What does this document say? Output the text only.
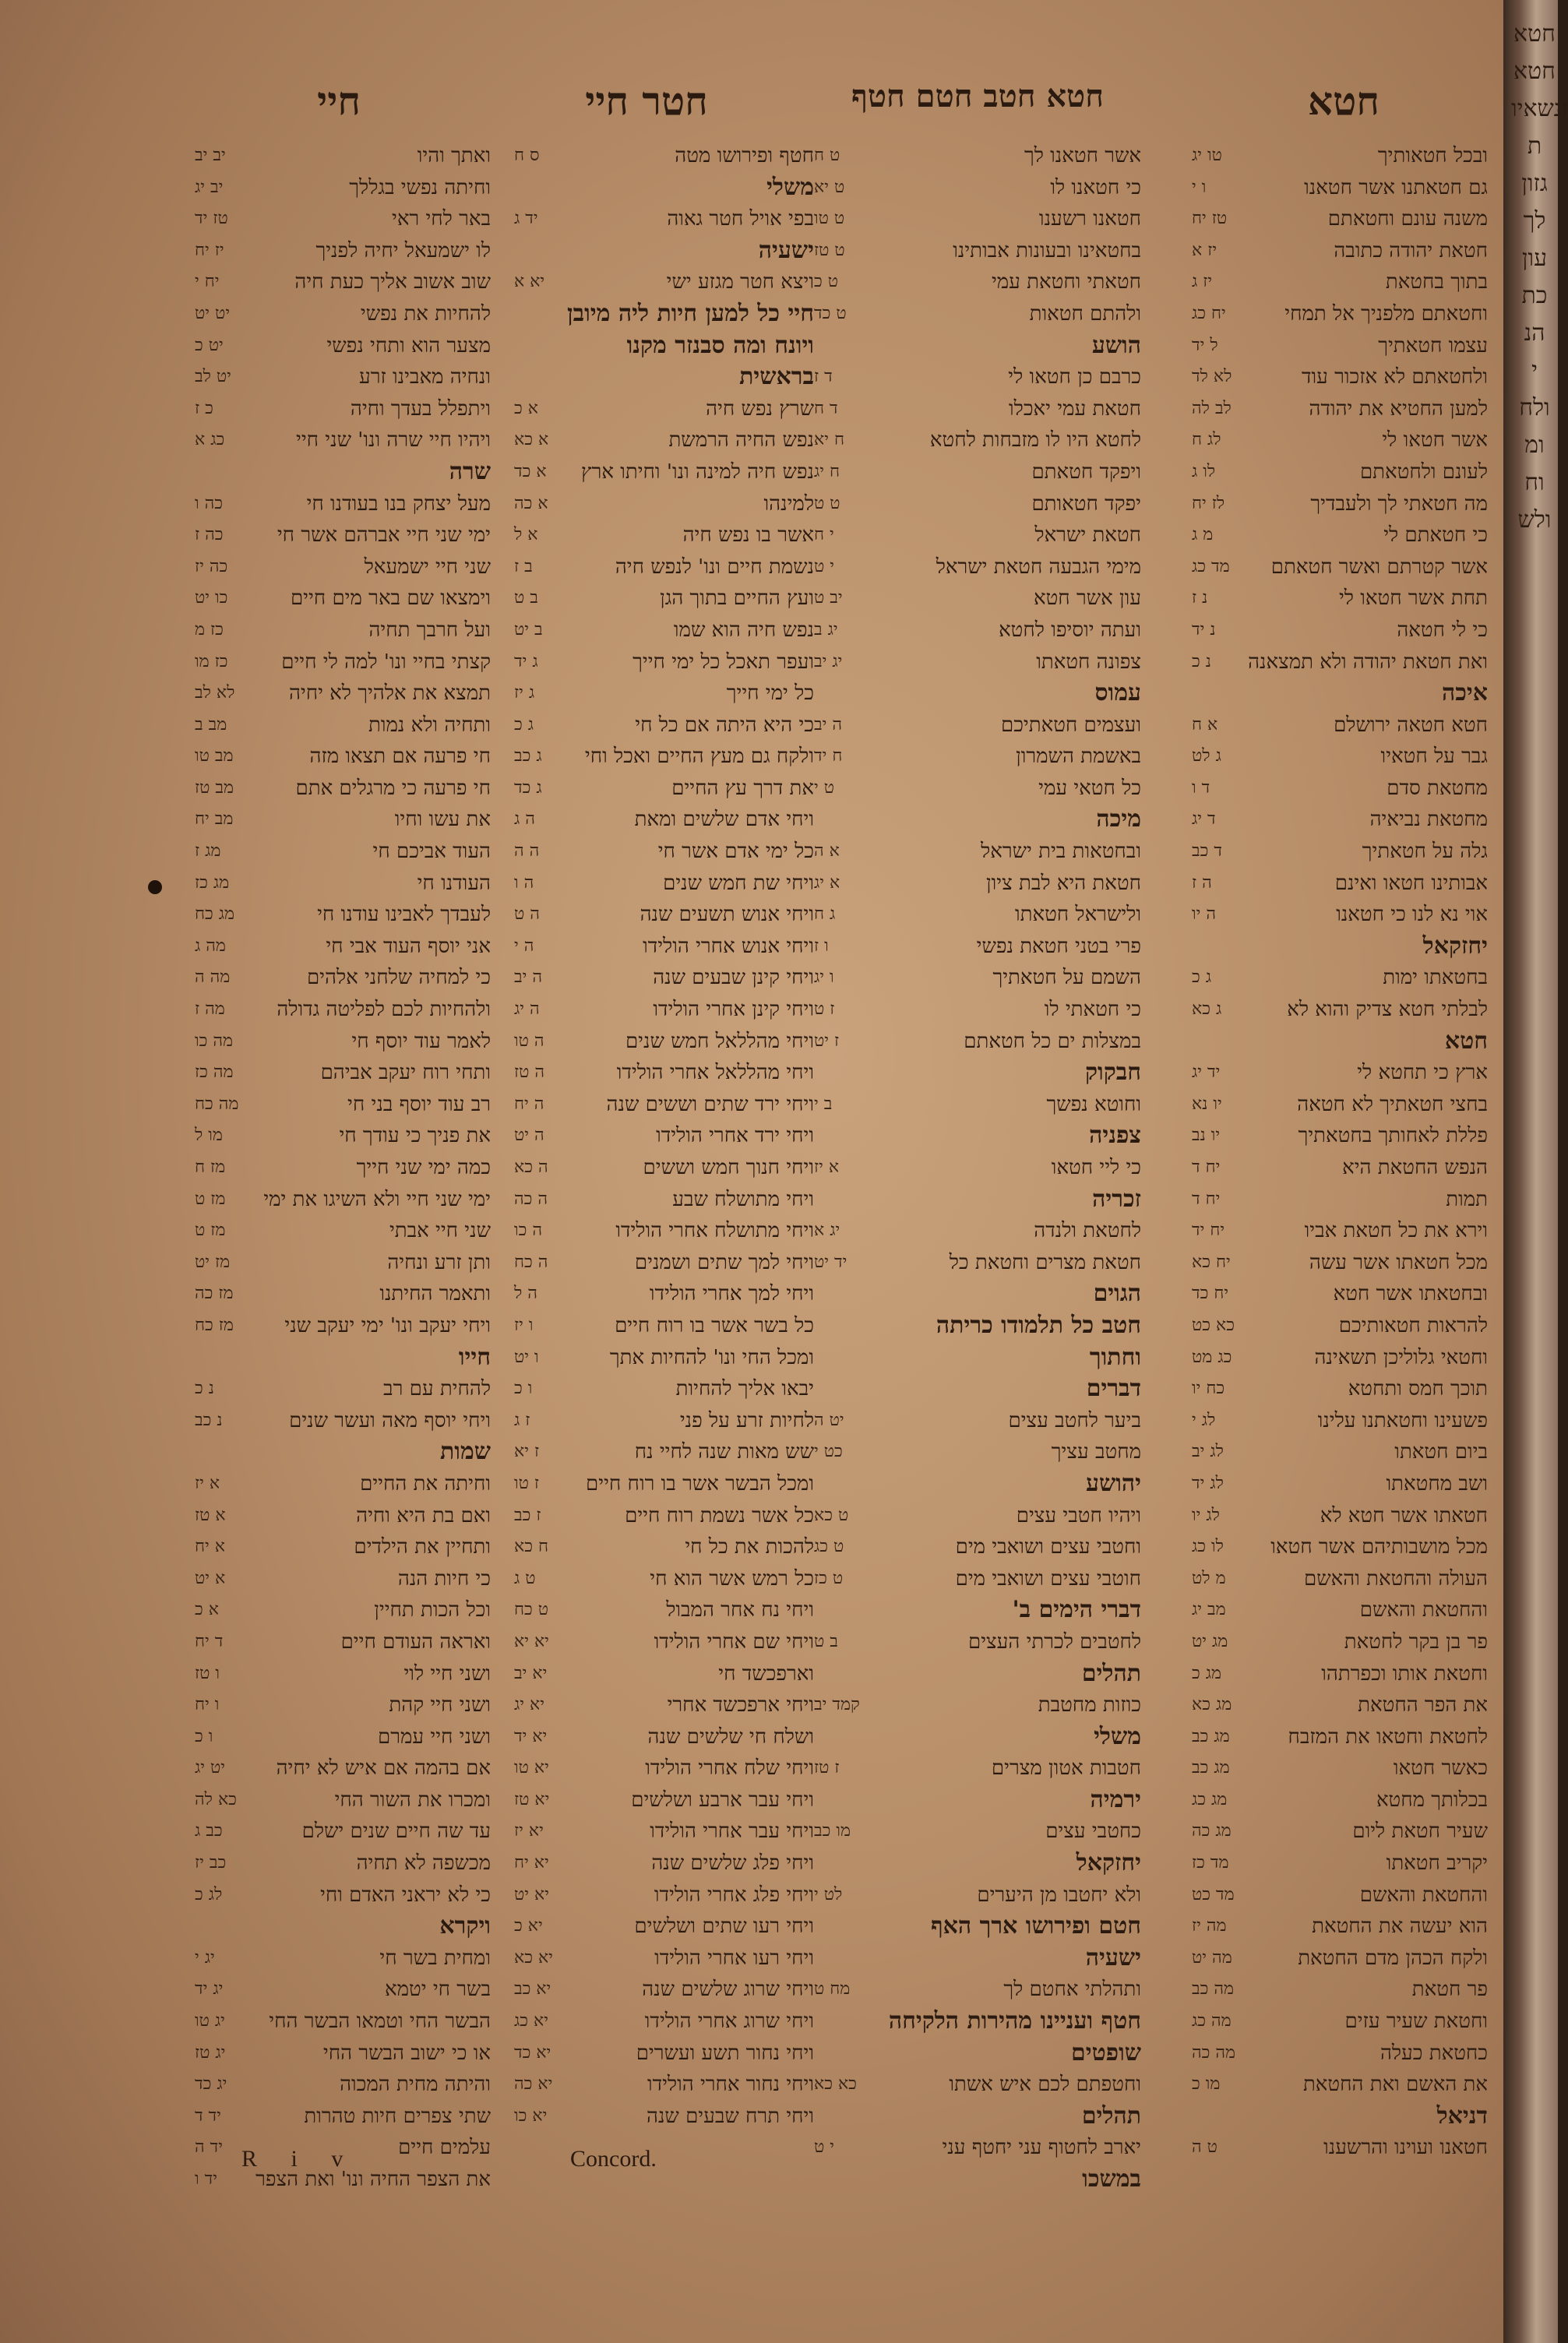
חטא
חטא חטב חטם חטף
חטר חיי
חיי
ובכל חטאותיך
טו יג
גם חטאתנו אשר חטאנו
ו י
משנה עונם וחטאתם
טז יח
חטאת יהודה כתובה
יז א
בתוך בחטאת
יז ג
וחטאתם מלפניך אל תמחי
יח כג
עצמו חטאתיך
ל יד
ולחטאתם לא אזכור עוד
לא לד
למען החטיא את יהודה
לב לה
אשר חטאו לי
לג ח
לעונם ולחטאתם
לו ג
מה חטאתי לך ולעבדיך
לז יח
כי חטאתם לי
מ ג
אשר קטרתם ואשר חטאתם
מד כג
תחת אשר חטאו לי
נ ז
כי לי חטאה
נ יד
ואת חטאת יהודה ולא תמצאנה
נ כ
איכה
חטא חטאה ירושלם
א ח
גבר על חטאיו
ג לט
מחטאת סדם
ד ו
מחטאת נביאיה
ד יג
גלה על חטאתיך
ד כב
אבותינו חטאו ואינם
ה ז
אוי נא לנו כי חטאנו
ה יו
יחזקאל
בחטאתו ימות
ג כ
לבלתי חטא צדיק והוא לא
ג כא
חטא
ארץ כי תחטא לי
יד יג
בחצי חטאתיך לא חטאה
יו נא
פללת לאחותך בחטאתיך
יו נב
הנפש החטאת היא
יח ד
תמות
יח ד
וירא את כל חטאת אביו
יח יד
מכל חטאתו אשר עשה
יח כא
ובחטאתו אשר חטא
יח כד
להראות חטאותיכם
כא כט
וחטאי גלוליכן תשאינה
כג מט
תוכך חמס ותחטא
כח יו
פשעינו וחטאתנו עלינו
לג י
ביום חטאתו
לג יב
ושב מחטאתו
לג יד
חטאתו אשר חטא לא
לג יו
מכל מושבותיהם אשר חטאו
לו כג
העולה והחטאת והאשם
מ לט
והחטאת והאשם
מב יג
פר בן בקר לחטאת
מג יט
וחטאת אותו וכפרתהו
מג כ
את הפר החטאת
מג כא
לחטאת וחטאו את המזבח
מג כב
כאשר חטאו
מג כב
בכלותך מחטא
מג כג
שעיר חטאת ליום
מג כה
יקריב חטאתו
מד כז
והחטאת והאשם
מד כט
הוא יעשה את החטאת
מה יז
ולקח הכהן מדם החטאת
מה יט
פר חטאת
מה כב
וחטאת שעיר עזים
מה כג
כחטאת כעלה
מה כה
את האשם ואת החטאת
מו כ
דניאל
חטאנו ועוינו והרשענו
ט ה
אשר חטאנו לך
ט ח
כי חטאנו לו
ט יא
חטאנו רשענו
ט טו
בחטאינו ובעונות אבותינו
ט טז
חטאתי וחטאת עמי
ט כ
ולהתם חטאות
ט כד
הושע
כרבם כן חטאו לי
ד ז
חטאת עמי יאכלו
ד ח
לחטא היו לו מזבחות לחטא
ח יא
ויפקד חטאתם
ח יג
יפקד חטאותם
ט ט
חטאת ישראל
י ח
מימי הגבעה חטאת ישראל
י ט
עון אשר חטא
יב ט
ועתה יוסיפו לחטא
יג ב
צפונה חטאתו
יג יב
עמוס
ועצמים חטאתיכם
ה יב
באשמת השמרון
ח יד
כל חטאי עמי
ט י
מיכה
ובחטאות בית ישראל
א ה
חטאת היא לבת ציון
א יג
ולישראל חטאתו
ג ח
פרי בטני חטאת נפשי
ו ז
השמם על חטאתיך
ו יג
כי חטאתי לו
ז ט
במצלות ים כל חטאתם
ז יט
חבקוק
וחוטא נפשך
ב י
צפניה
כי ליי חטאו
א יז
זכריה
לחטאת ולנדה
יג א
חטאת מצרים וחטאת כל
יד יט
הגוים
חטב כל תלמודו כריתה
וחתוך
דברים
ביער לחטב עצים
יט ה
מחטב עציך
כט י
יהושע
ויהיו חטבי עצים
ט כא
וחטבי עצים ושואבי מים
ט כג
חוטבי עצים ושואבי מים
ט כז
דברי הימים ב'
לחטבים לכרתי העצים
ב ט
תהלים
כוזות מחטבת
קמד יב
משלי
חטבות אטון מצרים
ז טז
ירמיה
כחטבי עצים
מו כב
יחזקאל
ולא יחטבו מן היערים
לט י
חטם ופירושו ארך האף
ישעיה
ותהלתי אחטם לך
מח ט
חטף ועניינו מהירות הלקיחה
שופטים
וחטפתם לכם איש אשתו
כא כא
תהלים
יארב לחטוף עני יחטף עני
י ט
במשכו
חטף ופירושו מטה
ס ח
משלי
בפי אויל חטר גאוה
יד ג
ישעיה
ויצא חטר מגזע ישי
יא א
חיי כל למען חיות ליה מיובן
ויונח ומה סבנזר מקנו
בראשית
שרץ נפש חיה
א כ
נפש החיה הרמשת
א כא
נפש חיה למינה ונו' וחיתו ארץ
א כד
למינהו
א כה
אשר בו נפש חיה
א ל
נשמת חיים ונו' לנפש חיה
ב ז
ועץ החיים בתוך הגן
ב ט
נפש חיה הוא שמו
ב יט
ועפר תאכל כל ימי חייך
ג יד
כל ימי חייך
ג יז
כי היא היתה אם כל חי
ג כ
ולקח גם מעץ החיים ואכל וחי
ג כב
את דרך עץ החיים
ג כד
ויחי אדם שלשים ומאת
ה ג
כל ימי אדם אשר חי
ה ה
ויחי שת חמש שנים
ה ו
ויחי אנוש תשעים שנה
ה ט
ויחי אנוש אחרי הולידו
ה י
ויחי קינן שבעים שנה
ה יב
ויחי קינן אחרי הולידו
ה יג
ויחי מהללאל חמש שנים
ה טו
ויחי מהללאל אחרי הולידו
ה טז
ויחי ירד שתים וששים שנה
ה יח
ויחי ירד אחרי הולידו
ה יט
ויחי חנוך חמש וששים
ה כא
ויחי מתושלח שבע
ה כה
ויחי מתושלח אחרי הולידו
ה כו
ויחי למך שתים ושמנים
ה כח
ויחי למך אחרי הולידו
ה ל
כל בשר אשר בו רוח חיים
ו יז
ומכל החי ונו' להחיות אתך
ו יט
יבאו אליך להחיות
ו כ
לחיות זרע על פני
ז ג
שש מאות שנה לחיי נח
ז יא
ומכל הבשר אשר בו רוח חיים
ז טו
כל אשר נשמת רוח חיים
ז כב
להכות את כל חי
ח כא
כל רמש אשר הוא חי
ט ג
ויחי נח אחר המבול
ט כח
ויחי שם אחרי הולידו
יא יא
וארפכשד חי
יא יב
ויחי ארפכשד אחרי
יא יג
ושלח חי שלשים שנה
יא יד
ויחי שלח אחרי הולידו
יא טו
ויחי עבר ארבע ושלשים
יא טז
ויחי עבר אחרי הולידו
יא יז
ויחי פלג שלשים שנה
יא יח
ויחי פלג אחרי הולידו
יא יט
ויחי רעו שתים ושלשים
יא כ
ויחי רעו אחרי הולידו
יא כא
ויחי שרוג שלשים שנה
יא כב
ויחי שרוג אחרי הולידו
יא כג
ויחי נחור תשע ועשרים
יא כד
ויחי נחור אחרי הולידו
יא כה
ויחי תרח שבעים שנה
יא כו
ואתך והיו
יב יב
וחיתה נפשי בגללך
יב יג
באר לחי ראי
טז יד
לו ישמעאל יחיה לפניך
יז יח
שוב אשוב אליך כעת חיה
יח י
להחיות את נפשי
יט יט
מצער הוא ותחי נפשי
יט כ
ונחיה מאבינו זרע
יט לב
ויתפלל בעדך וחיה
כ ז
ויהיו חיי שרה ונו' שני חיי
כג א
שרה
מעל יצחק בנו בעודנו חי
כה ו
ימי שני חיי אברהם אשר חי
כה ז
שני חיי ישמעאל
כה יז
וימצאו שם באר מים חיים
כו יט
ועל חרבך תחיה
כז מ
קצתי בחיי ונו' למה לי חיים
כז מו
תמצא את אלהיך לא יחיה
לא לב
ותחיה ולא נמות
מב ב
חי פרעה אם תצאו מזה
מב טו
חי פרעה כי מרגלים אתם
מב טז
את עשו וחיו
מב יח
העוד אביכם חי
מג ז
העודנו חי
מג כז
לעבדך לאבינו עודנו חי
מג כח
אני יוסף העוד אבי חי
מה ג
כי למחיה שלחני אלהים
מה ה
ולהחיות לכם לפליטה גדולה
מה ז
לאמר עוד יוסף חי
מה כו
ותחי רוח יעקב אביהם
מה כז
רב עוד יוסף בני חי
מה כח
את פניך כי עודך חי
מו ל
כמה ימי שני חייך
מז ח
ימי שני חיי ולא השיגו את ימי
מז ט
שני חיי אבתי
מז ט
ותן זרע ונחיה
מז יט
ותאמר החיתנו
מז כה
ויחי יעקב ונו' ימי יעקב שני
מז כח
חייו
להחית עם רב
נ כ
ויחי יוסף מאה ועשר שנים
נ כב
שמות
וחיתה את החיים
א יז
ואם בת היא וחיה
א טז
ותחיין את הילדים
א יח
כי חיות הנה
א יט
וכל הכות תחיין
א כ
ואראה העודם חיים
ד יח
ושני חיי לוי
ו טז
ושני חיי קהת
ו יח
ושני חיי עמרם
ו כ
אם בהמה אם איש לא יחיה
יט יג
ומכרו את השור החי
כא לה
עד שה חיים שנים ישלם
כב ג
מכשפה לא תחיה
כב יז
כי לא יראני האדם וחי
לג כ
ויקרא
ומחית בשר חי
יג י
בשר חי יטמא
יג יד
הבשר החי וטמאו הבשר החי
יג טו
או כי ישוב הבשר החי
יג טז
והיתה מחית המכוה
יג כד
שתי צפרים חיות טהרות
יד ד
עלמים חיים
יד ה
את הצפר החיה ונו' ואת הצפר
יד ו
R i v	Concord.
חטא
חטא
זנשאיו
ת
גזון
לך
עון
כת
הנ
י
ולח
ומ
וח
ולש
